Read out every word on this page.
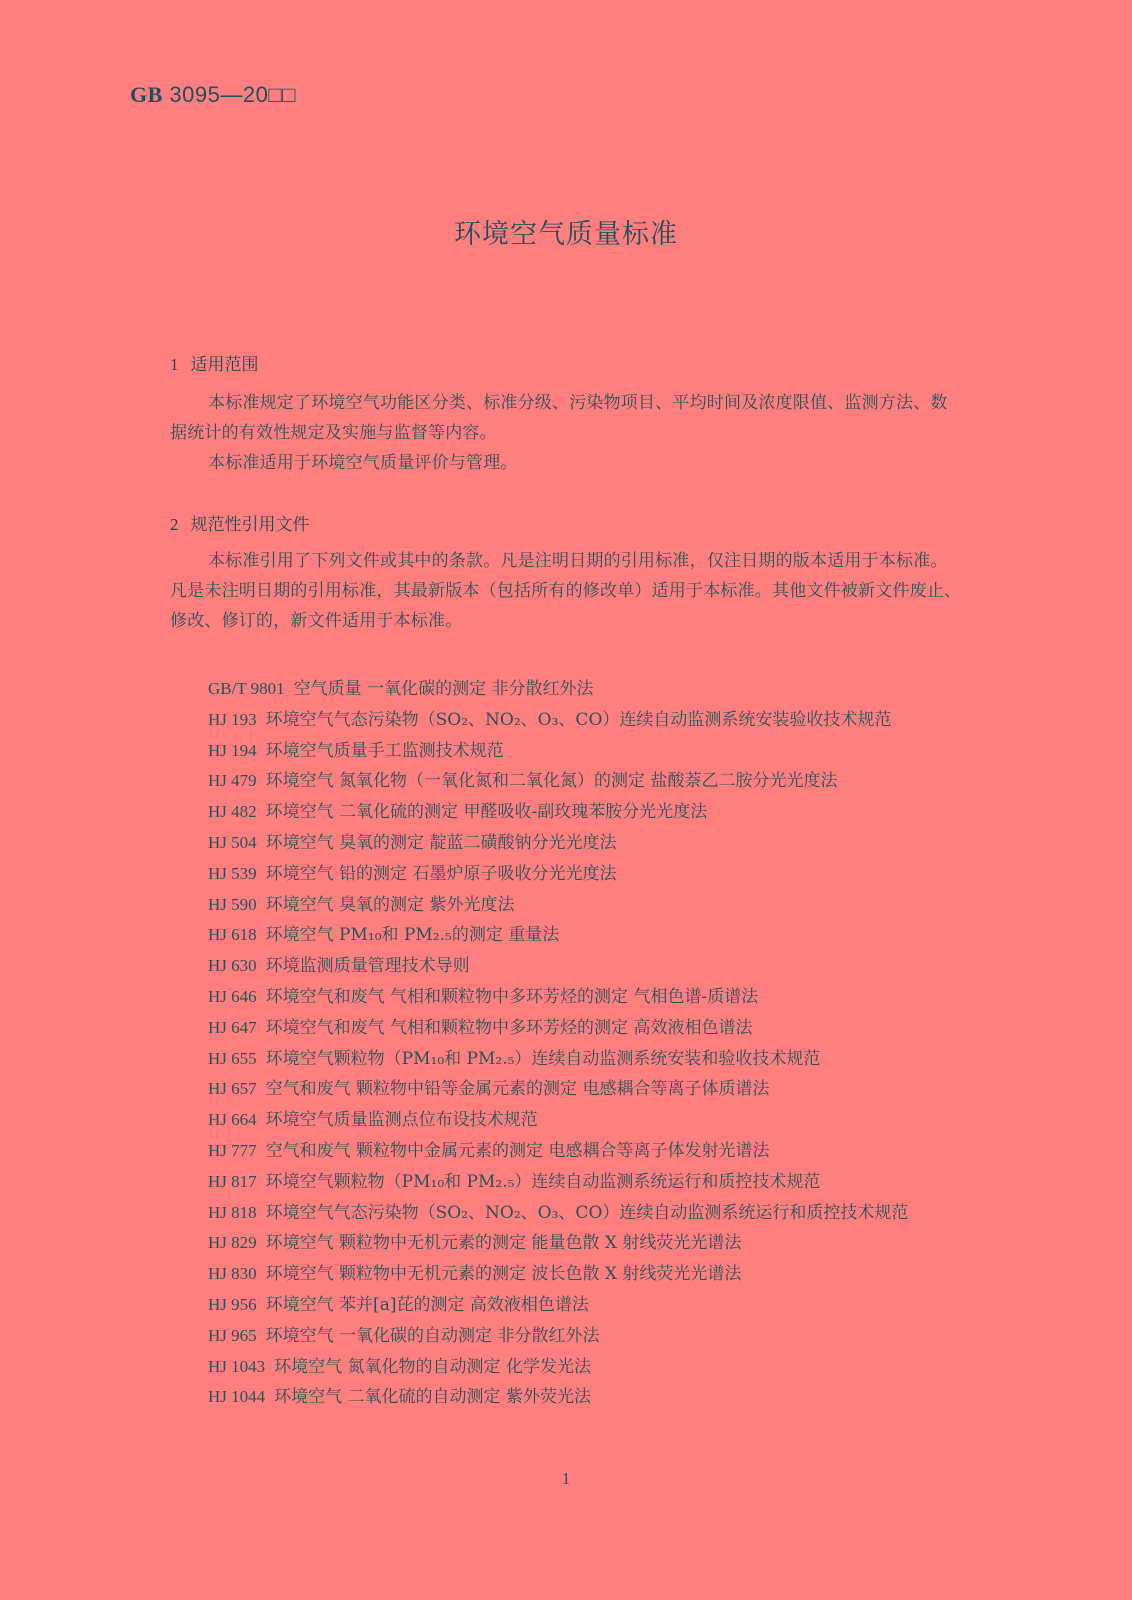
GB 3095—20□□
环境空气质量标准
1 适用范围

本标准规定了环境空气功能区分类、标准分级、污染物项目、平均时间及浓度限值、监测方法、数据统计的有效性规定及实施与监督等内容。

本标准适用于环境空气质量评价与管理。

2 规范性引用文件

本标准引用了下列文件或其中的条款。凡是注明日期的引用标准，仅注日期的版本适用于本标准。凡是未注明日期的引用标准，其最新版本（包括所有的修改单）适用于本标准。其他文件被新文件废止、修改、修订的，新文件适用于本标准。

GB/T 9801 空气质量 一氧化碳的测定 非分散红外法

HJ 193 环境空气气态污染物（SO₂、NO₂、O₃、CO）连续自动监测系统安装验收技术规范

HJ 194 环境空气质量手工监测技术规范

HJ 479 环境空气 氮氧化物（一氧化氮和二氧化氮）的测定 盐酸萘乙二胺分光光度法

HJ 482 环境空气 二氧化硫的测定 甲醛吸收-副玫瑰苯胺分光光度法

HJ 504 环境空气 臭氧的测定 靛蓝二磺酸钠分光光度法

HJ 539 环境空气 铅的测定 石墨炉原子吸收分光光度法

HJ 590 环境空气 臭氧的测定 紫外光度法

HJ 618 环境空气 PM₁₀和 PM₂.₅的测定 重量法

HJ 630 环境监测质量管理技术导则

HJ 646 环境空气和废气 气相和颗粒物中多环芳烃的测定 气相色谱-质谱法

HJ 647 环境空气和废气 气相和颗粒物中多环芳烃的测定 高效液相色谱法

HJ 655 环境空气颗粒物（PM₁₀和 PM₂.₅）连续自动监测系统安装和验收技术规范

HJ 657 空气和废气 颗粒物中铅等金属元素的测定 电感耦合等离子体质谱法

HJ 664 环境空气质量监测点位布设技术规范

HJ 777 空气和废气 颗粒物中金属元素的测定 电感耦合等离子体发射光谱法

HJ 817 环境空气颗粒物（PM₁₀和 PM₂.₅）连续自动监测系统运行和质控技术规范

HJ 818 环境空气气态污染物（SO₂、NO₂、O₃、CO）连续自动监测系统运行和质控技术规范

HJ 829 环境空气 颗粒物中无机元素的测定 能量色散 X 射线荧光光谱法

HJ 830 环境空气 颗粒物中无机元素的测定 波长色散 X 射线荧光光谱法

HJ 956 环境空气 苯并[a]芘的测定 高效液相色谱法

HJ 965 环境空气 一氧化碳的自动测定 非分散红外法

HJ 1043 环境空气 氮氧化物的自动测定 化学发光法

HJ 1044 环境空气 二氧化硫的自动测定 紫外荧光法

1
